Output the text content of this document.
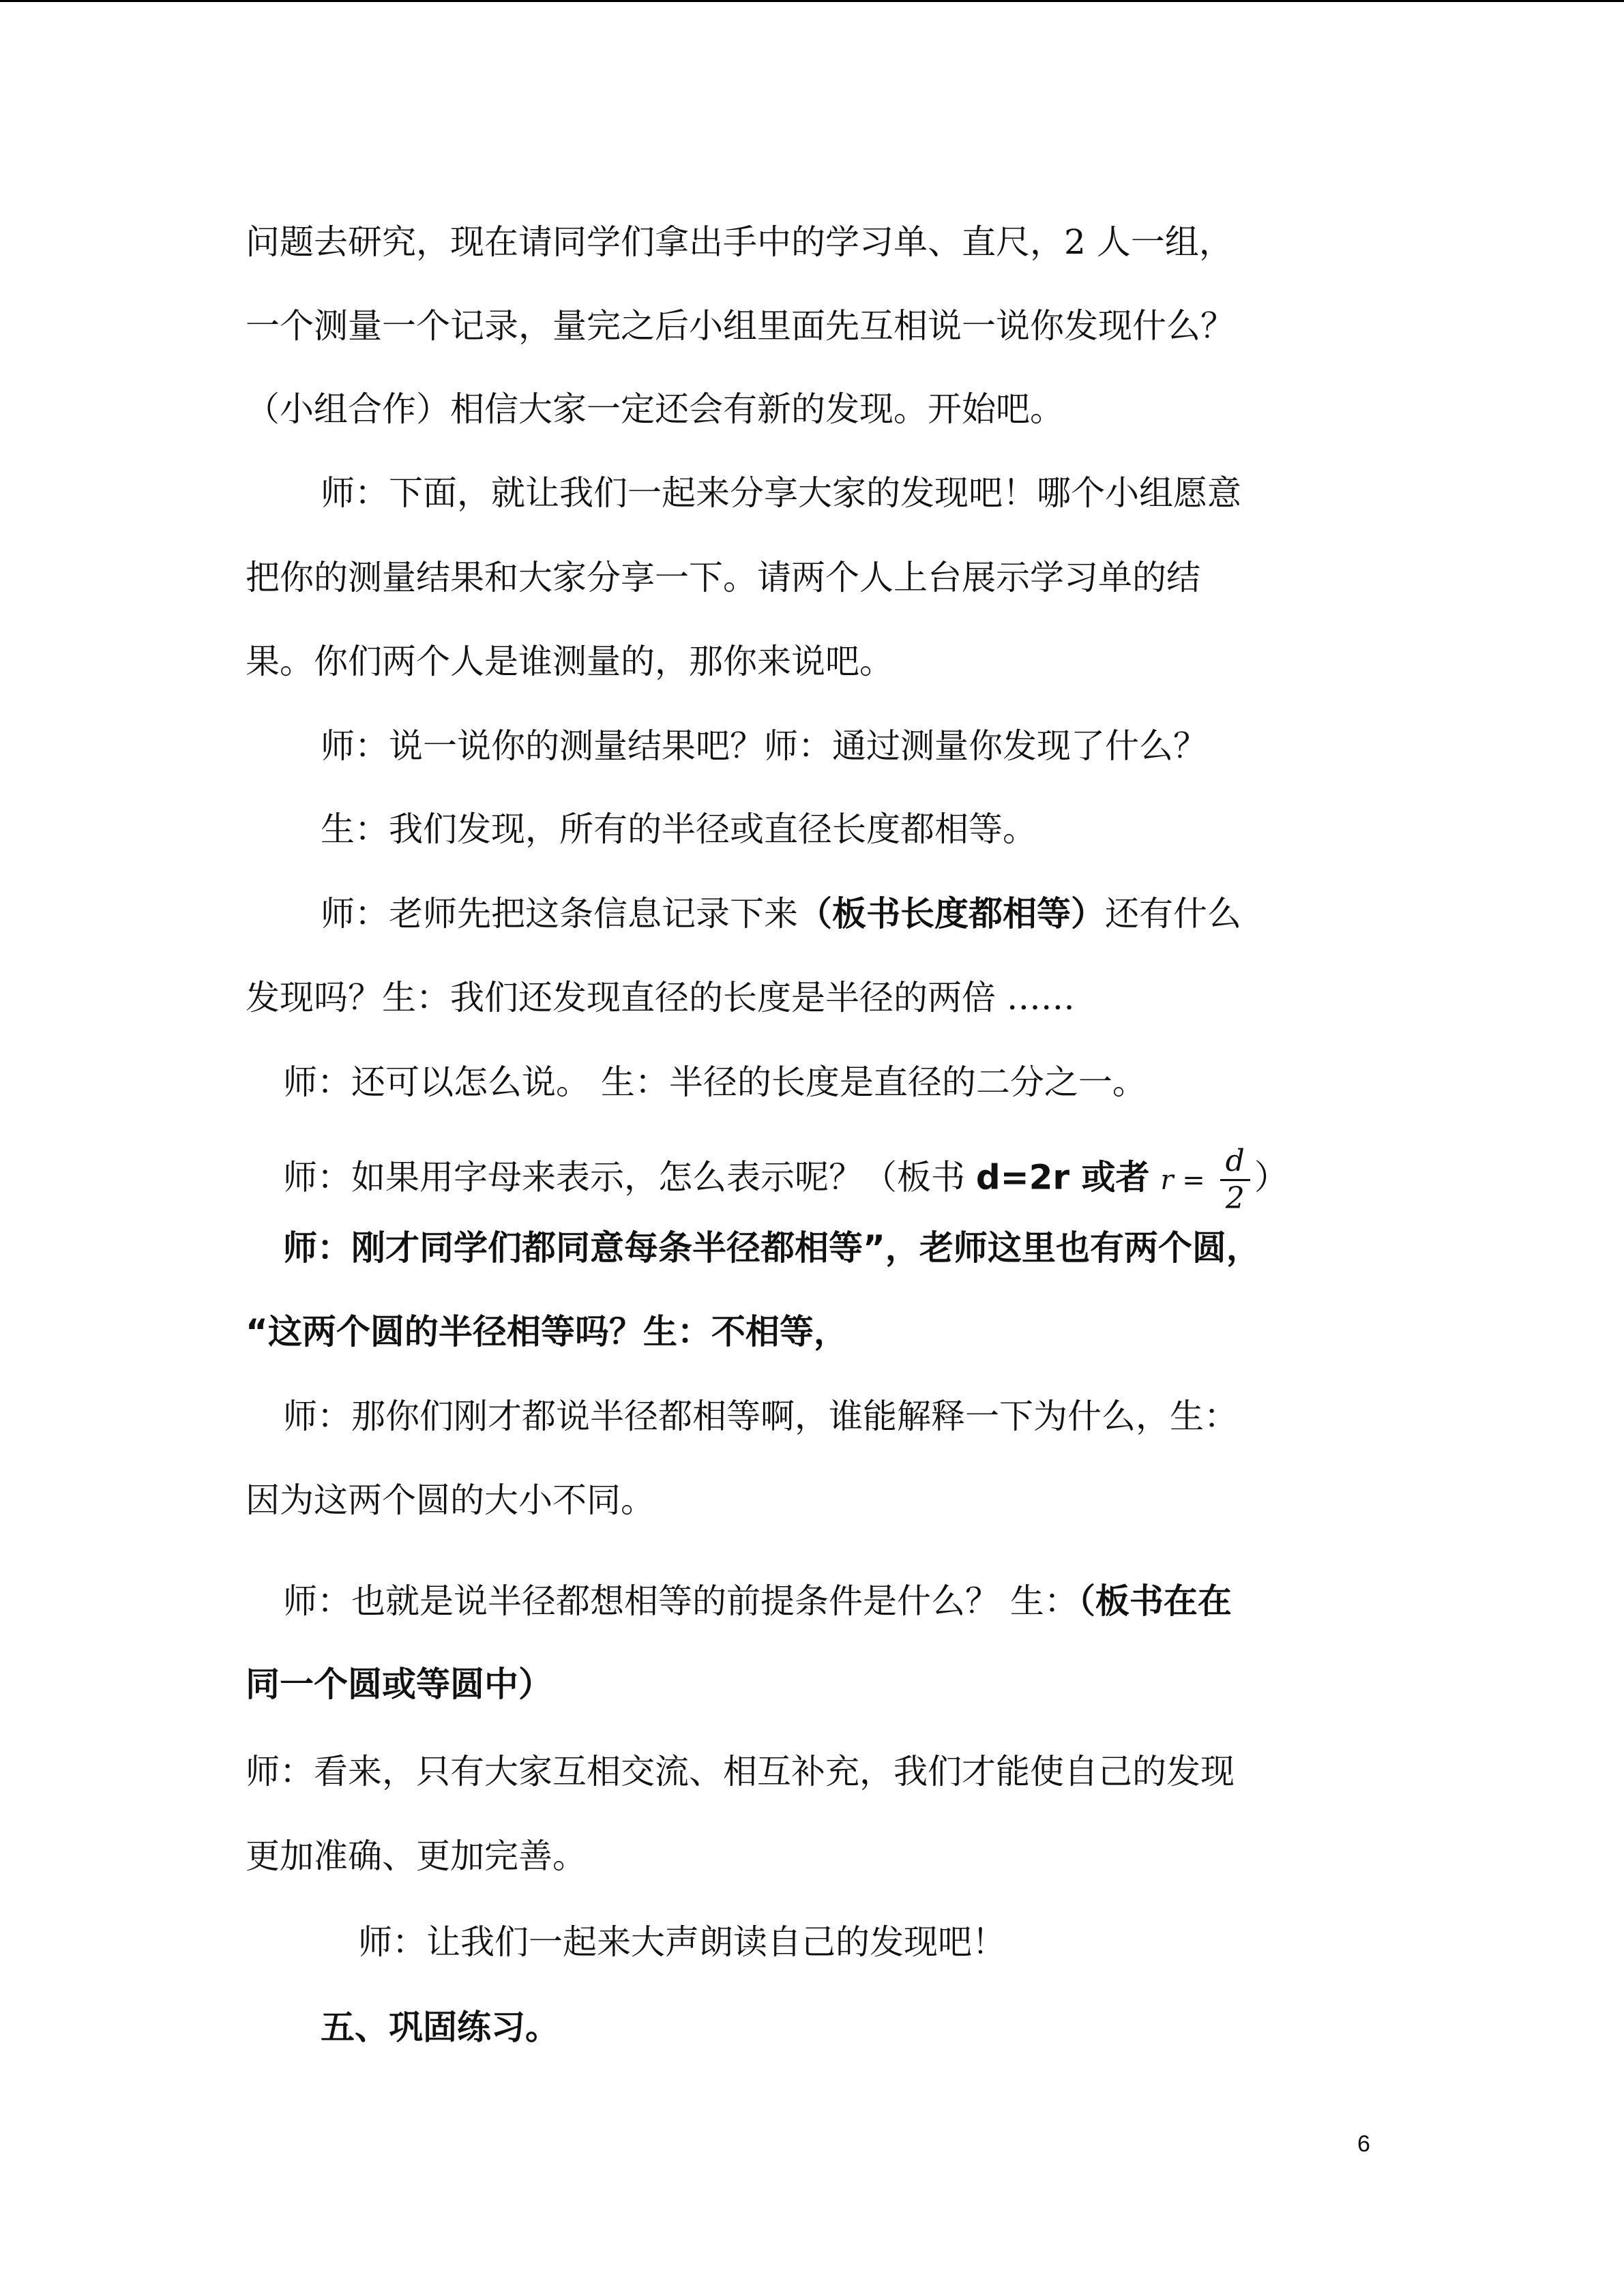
问题去研究，现在请同学们拿出手中的学习单、直尺，2 人一组，
一个测量一个记录，量完之后小组里面先互相说一说你发现什么？
（小组合作）相信大家一定还会有新的发现。开始吧。
师：下面，就让我们一起来分享大家的发现吧！哪个小组愿意
把你的测量结果和大家分享一下。请两个人上台展示学习单的结
果。你们两个人是谁测量的，那你来说吧。
师：说一说你的测量结果吧？师：通过测量你发现了什么？
生：我们发现，所有的半径或直径长度都相等。
师：老师先把这条信息记录下来（板书长度都相等）还有什么
发现吗？生：我们还发现直径的长度是半径的两倍 ……
师：还可以怎么说。 生：半径的长度是直径的二分之一。
师：如果用字母来表示，怎么表示呢？（板书 d=2r 或者 $r = \frac{d}{2}$ ）
师：刚才同学们都同意每条半径都相等”，老师这里也有两个圆，
“这两个圆的半径相等吗？生：不相等，
师：那你们刚才都说半径都相等啊，谁能解释一下为什么，生：
因为这两个圆的大小不同。
师：也就是说半径都想相等的前提条件是什么？ 生：（板书在在
同一个圆或等圆中）
师：看来，只有大家互相交流、相互补充，我们才能使自己的发现
更加准确、更加完善。
师：让我们一起来大声朗读自己的发现吧！
五、巩固练习。
6
